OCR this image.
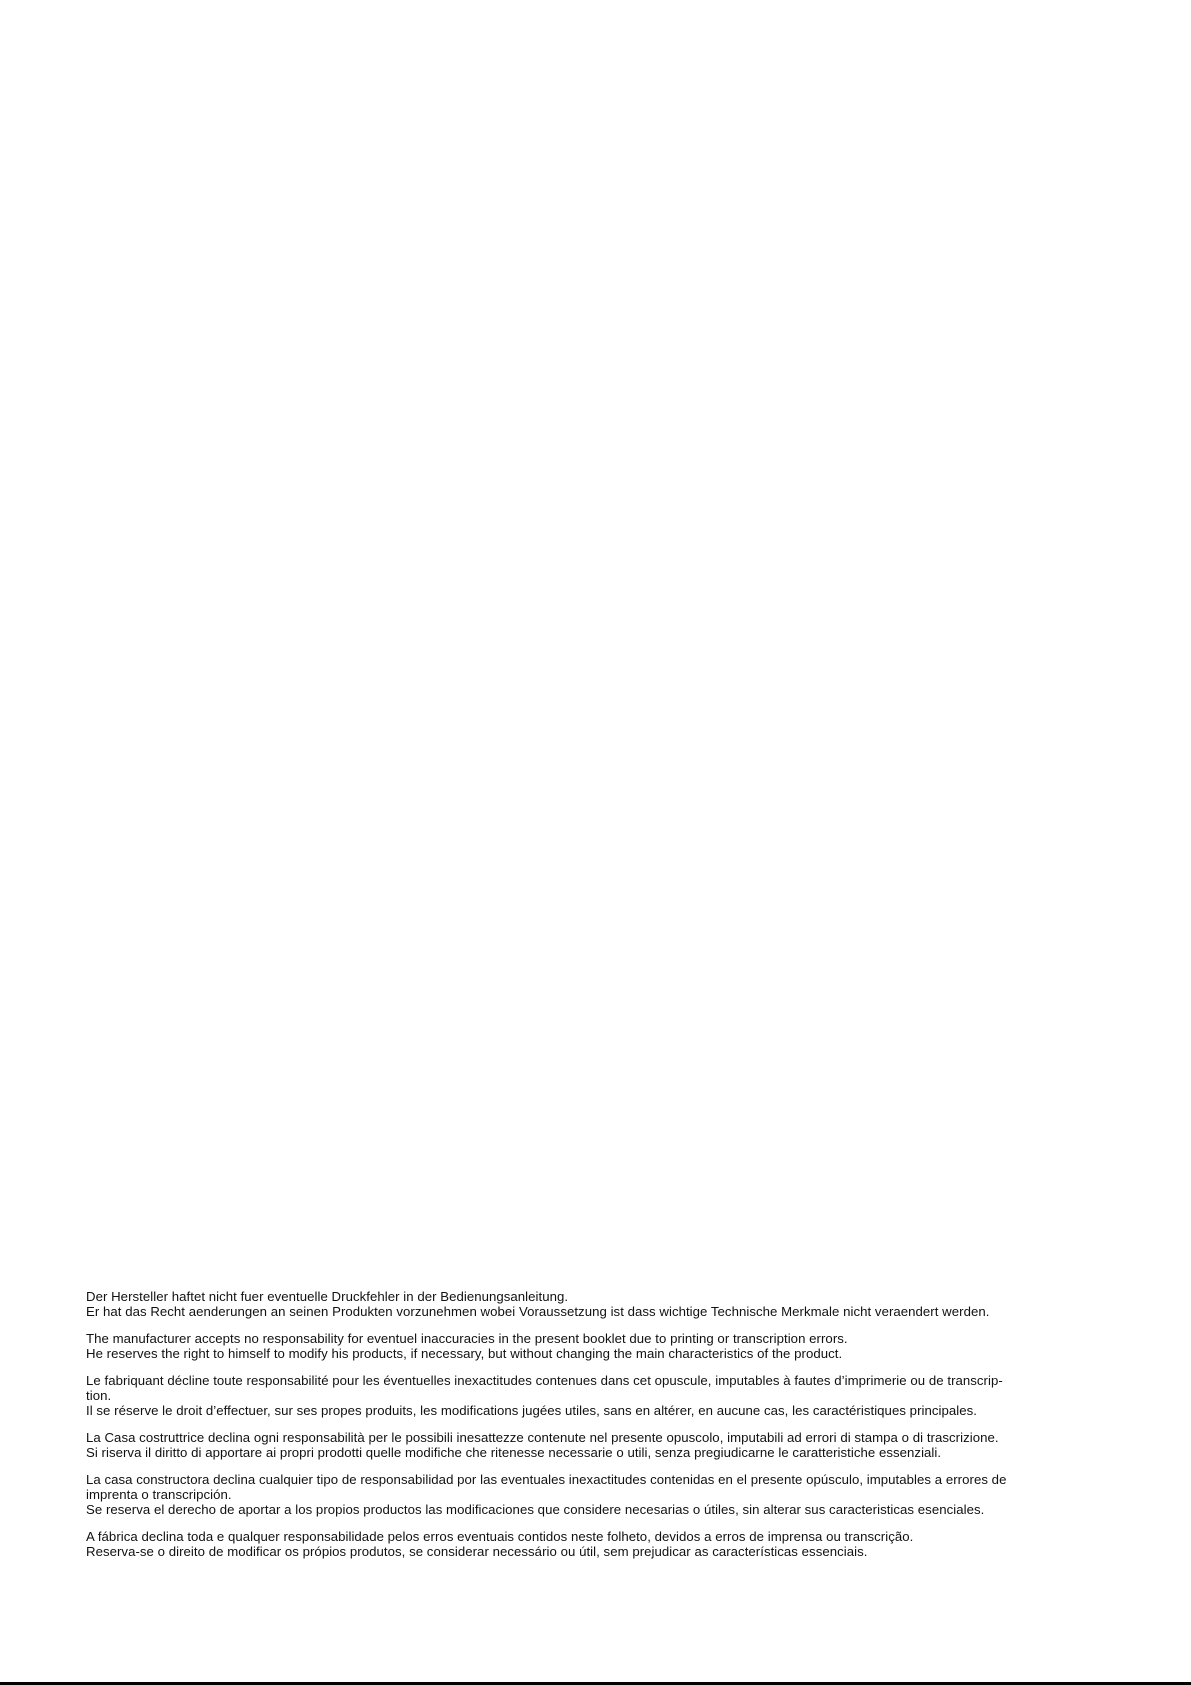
Der Hersteller haftet nicht fuer eventuelle Druckfehler in der Bedienungsanleitung.
Er hat das Recht aenderungen an seinen Produkten vorzunehmen wobei Voraussetzung ist dass wichtige Technische Merkmale nicht veraendert werden.
The manufacturer accepts no responsability for eventuel inaccuracies in the present booklet due to printing or transcription errors.
He reserves the right to himself to modify his products, if necessary, but without changing the main characteristics of the product.
Le fabriquant décline toute responsabilité pour les éventuelles inexactitudes contenues dans cet opuscule, imputables à fautes d’imprimerie ou de transcrip-
tion.
Il se réserve le droit d’effectuer, sur ses propes produits, les modifications jugées utiles, sans en altérer, en aucune cas, les caractéristiques principales.
La Casa costruttrice declina ogni responsabilità per le possibili inesattezze contenute nel presente opuscolo, imputabili ad errori di stampa o di trascrizione.
Si riserva il diritto di apportare ai propri prodotti quelle modifiche che ritenesse necessarie o utili, senza pregiudicarne le caratteristiche essenziali.
La casa constructora declina cualquier tipo de responsabilidad por las eventuales inexactitudes contenidas en el presente opúsculo, imputables a errores de
imprenta o transcripción.
Se reserva el derecho de aportar a los propios productos las modificaciones que considere necesarias o útiles, sin alterar sus caracteristicas esenciales.
A fábrica declina toda e qualquer responsabilidade pelos erros eventuais contidos neste folheto, devidos a erros de imprensa ou transcrição.
Reserva-se o direito de modificar os própios produtos, se considerar necessário ou útil, sem prejudicar as características essenciais.
